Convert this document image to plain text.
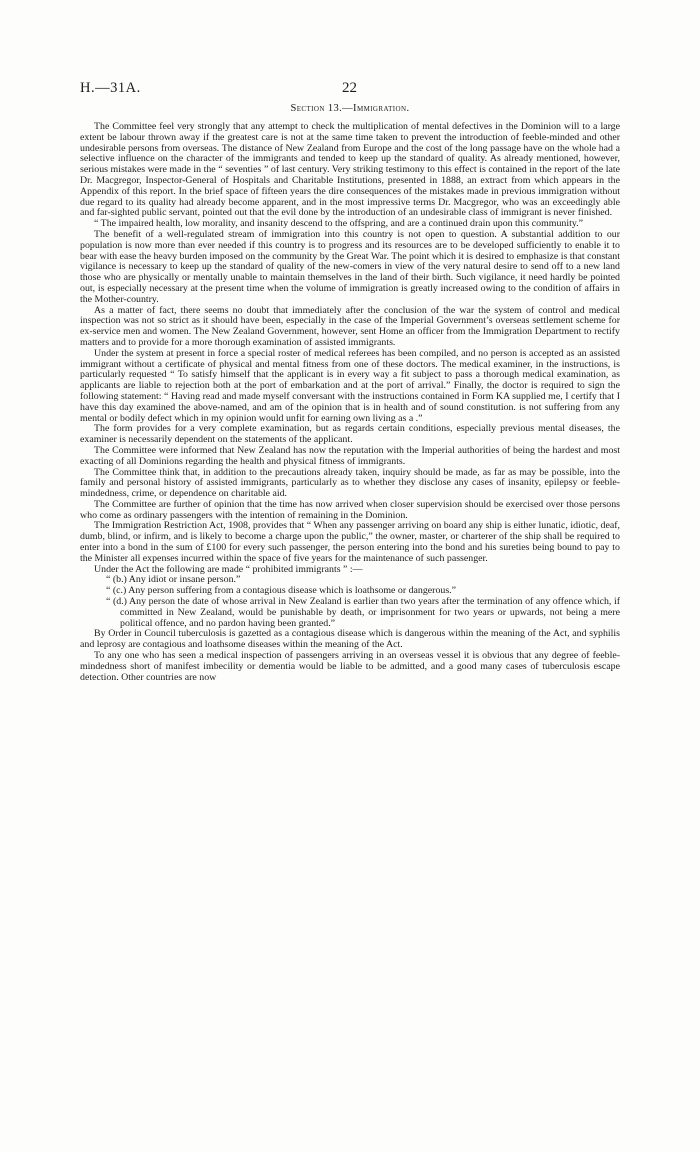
H.—31A.	22
Section 13.—Immigration.

The Committee feel very strongly that any attempt to check the multiplication of mental defectives in the Dominion will to a large extent be labour thrown away if the greatest care is not at the same time taken to prevent the introduction of feeble-minded and other undesirable persons from overseas. The distance of New Zealand from Europe and the cost of the long passage have on the whole had a selective influence on the character of the immigrants and tended to keep up the standard of quality. As already mentioned, however, serious mistakes were made in the “ seventies ” of last century. Very striking testimony to this effect is contained in the report of the late Dr. Macgregor, Inspector-General of Hospitals and Charitable Institutions, presented in 1888, an extract from which appears in the Appendix of this report. In the brief space of fifteen years the dire consequences of the mistakes made in previous immigration without due regard to its quality had already become apparent, and in the most impressive terms Dr. Macgregor, who was an exceedingly able and far-sighted public servant, pointed out that the evil done by the introduction of an undesirable class of immigrant is never finished.

“ The impaired health, low morality, and insanity descend to the offspring, and are a continued drain upon this community.”

The benefit of a well-regulated stream of immigration into this country is not open to question. A substantial addition to our population is now more than ever needed if this country is to progress and its resources are to be developed sufficiently to enable it to bear with ease the heavy burden imposed on the community by the Great War. The point which it is desired to emphasize is that constant vigilance is necessary to keep up the standard of quality of the new-comers in view of the very natural desire to send off to a new land those who are physically or mentally unable to maintain themselves in the land of their birth. Such vigilance, it need hardly be pointed out, is especially necessary at the present time when the volume of immigration is greatly increased owing to the condition of affairs in the Mother-country.

As a matter of fact, there seems no doubt that immediately after the conclusion of the war the system of control and medical inspection was not so strict as it should have been, especially in the case of the Imperial Government’s overseas settlement scheme for ex-service men and women. The New Zealand Government, however, sent Home an officer from the Immigration Department to rectify matters and to provide for a more thorough examination of assisted immigrants.

Under the system at present in force a special roster of medical referees has been compiled, and no person is accepted as an assisted immigrant without a certificate of physical and mental fitness from one of these doctors. The medical examiner, in the instructions, is particularly requested “ To satisfy himself that the applicant is in every way a fit subject to pass a thorough medical examination, as applicants are liable to rejection both at the port of embarkation and at the port of arrival.” Finally, the doctor is required to sign the following statement: “ Having read and made myself conversant with the instructions contained in Form KA supplied me, I certify that I have this day examined the above-named, and am of the opinion that is in health and of sound constitution. is not suffering from any mental or bodily defect which in my opinion would unfit for earning own living as a .”

The form provides for a very complete examination, but as regards certain conditions, especially previous mental diseases, the examiner is necessarily dependent on the statements of the applicant.

The Committee were informed that New Zealand has now the reputation with the Imperial authorities of being the hardest and most exacting of all Dominions regarding the health and physical fitness of immigrants.

The Committee think that, in addition to the precautions already taken, inquiry should be made, as far as may be possible, into the family and personal history of assisted immigrants, particularly as to whether they disclose any cases of insanity, epilepsy or feeble-mindedness, crime, or dependence on charitable aid.

The Committee are further of opinion that the time has now arrived when closer supervision should be exercised over those persons who come as ordinary passengers with the intention of remaining in the Dominion.

The Immigration Restriction Act, 1908, provides that “ When any passenger arriving on board any ship is either lunatic, idiotic, deaf, dumb, blind, or infirm, and is likely to become a charge upon the public,” the owner, master, or charterer of the ship shall be required to enter into a bond in the sum of £100 for every such passenger, the person entering into the bond and his sureties being bound to pay to the Minister all expenses incurred within the space of five years for the maintenance of such passenger.

Under the Act the following are made “ prohibited immigrants ” :—

“ (b.) Any idiot or insane person.”

“ (c.) Any person suffering from a contagious disease which is loathsome or dangerous.”

“ (d.) Any person the date of whose arrival in New Zealand is earlier than two years after the termination of any offence which, if committed in New Zealand, would be punishable by death, or imprisonment for two years or upwards, not being a mere political offence, and no pardon having been granted.”

By Order in Council tuberculosis is gazetted as a contagious disease which is dangerous within the meaning of the Act, and syphilis and leprosy are contagious and loathsome diseases within the meaning of the Act.

To any one who has seen a medical inspection of passengers arriving in an overseas vessel it is obvious that any degree of feeble-mindedness short of manifest imbecility or dementia would be liable to be admitted, and a good many cases of tuberculosis escape detection. Other countries are now
